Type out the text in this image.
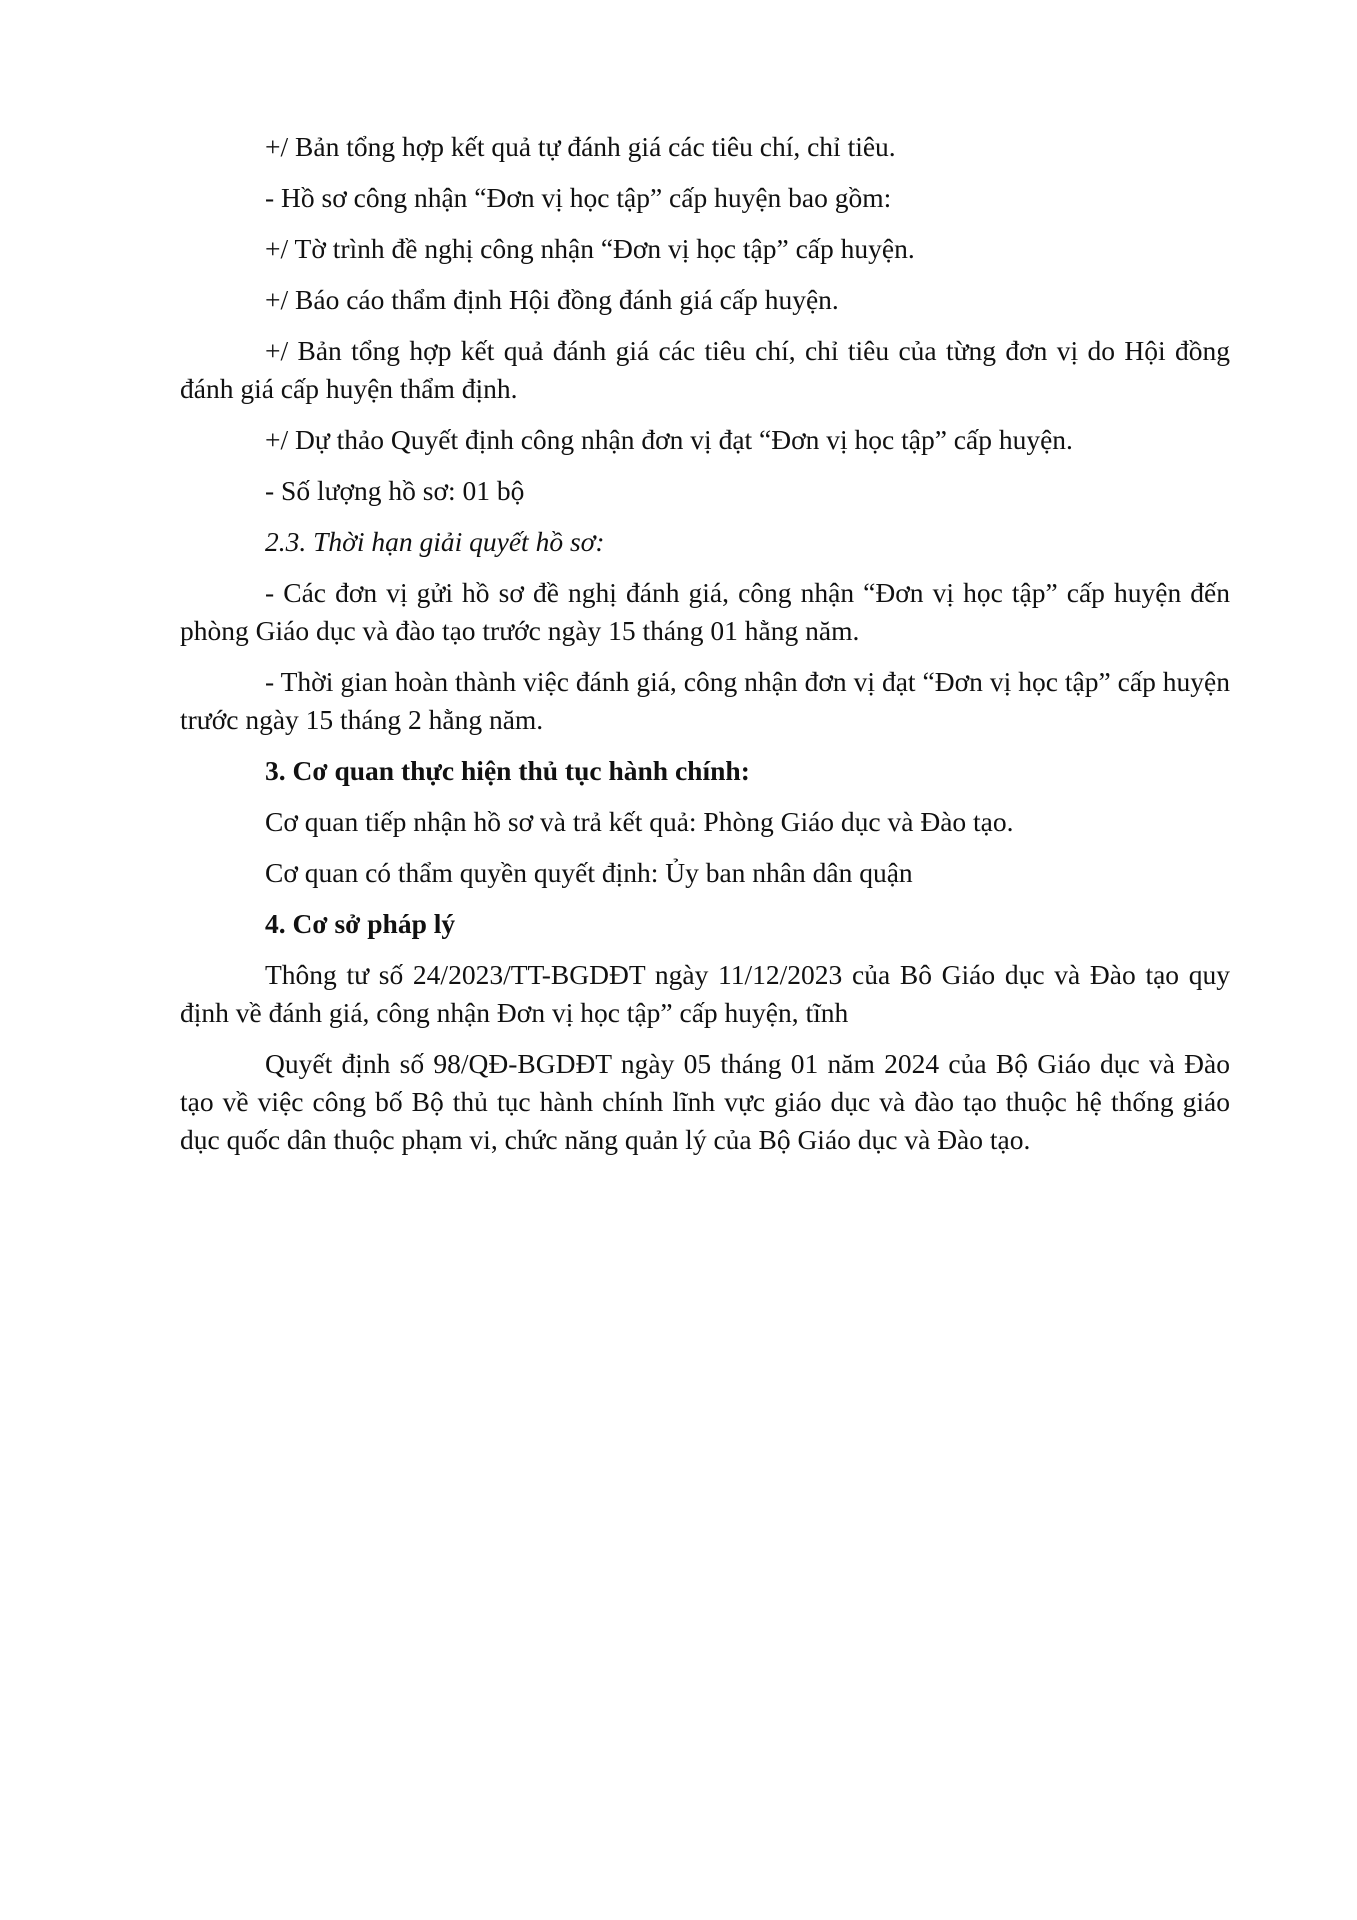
+/ Bản tổng hợp kết quả tự đánh giá các tiêu chí, chỉ tiêu.

- Hồ sơ công nhận “Đơn vị học tập” cấp huyện bao gồm:

+/ Tờ trình đề nghị công nhận “Đơn vị học tập” cấp huyện.

+/ Báo cáo thẩm định Hội đồng đánh giá cấp huyện.

+/ Bản tổng hợp kết quả đánh giá các tiêu chí, chỉ tiêu của từng đơn vị do Hội đồng đánh giá cấp huyện thẩm định.

+/ Dự thảo Quyết định công nhận đơn vị đạt “Đơn vị học tập” cấp huyện.

- Số lượng hồ sơ: 01 bộ

2.3. Thời hạn giải quyết hồ sơ:

- Các đơn vị gửi hồ sơ đề nghị đánh giá, công nhận “Đơn vị học tập” cấp huyện đến phòng Giáo dục và đào tạo trước ngày 15 tháng 01 hằng năm.

- Thời gian hoàn thành việc đánh giá, công nhận đơn vị đạt “Đơn vị học tập” cấp huyện trước ngày 15 tháng 2 hằng năm.

3. Cơ quan thực hiện thủ tục hành chính:

Cơ quan tiếp nhận hồ sơ và trả kết quả: Phòng Giáo dục và Đào tạo.

Cơ quan có thẩm quyền quyết định: Ủy ban nhân dân quận

4. Cơ sở pháp lý

Thông tư số 24/2023/TT-BGDĐT ngày 11/12/2023 của Bô Giáo dục và Đào tạo quy định về đánh giá, công nhận Đơn vị học tập” cấp huyện, tĩnh

Quyết định số 98/QĐ-BGDĐT ngày 05 tháng 01 năm 2024 của Bộ Giáo dục và Đào tạo về việc công bố Bộ thủ tục hành chính lĩnh vực giáo dục và đào tạo thuộc hệ thống giáo dục quốc dân thuộc phạm vi, chức năng quản lý của Bộ Giáo dục và Đào tạo.
